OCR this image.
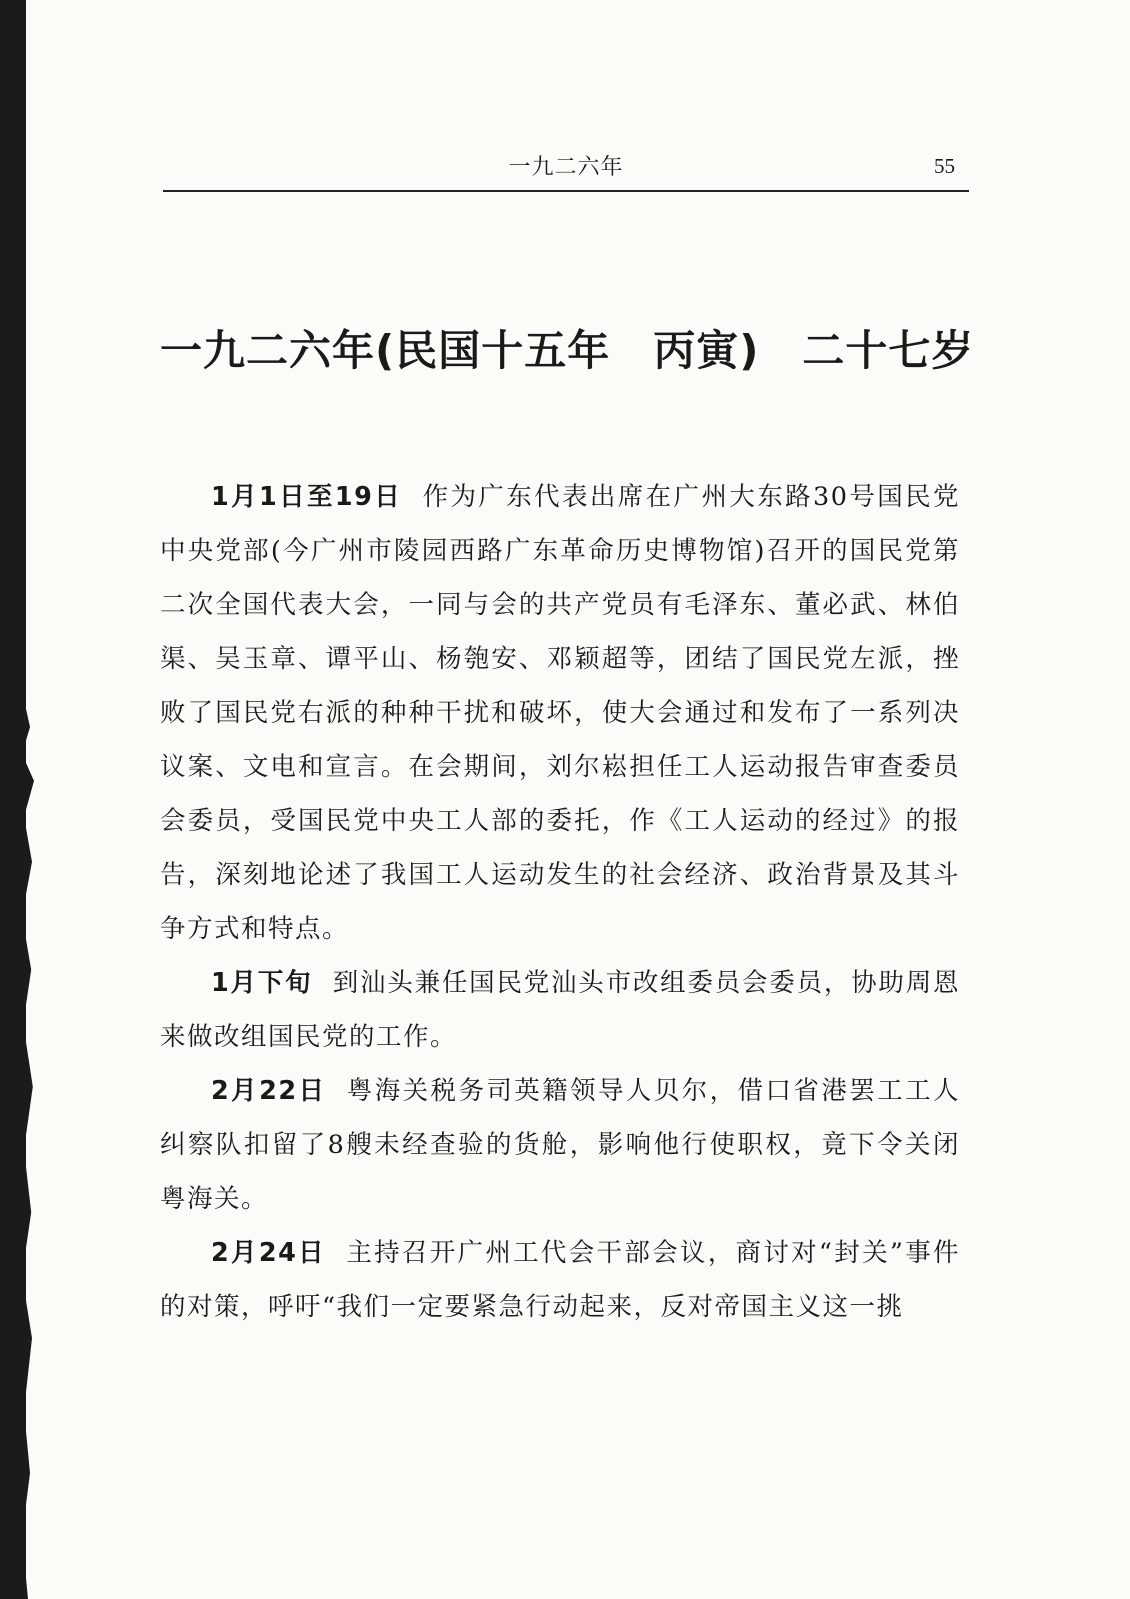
一九二六年	55
一九二六年(民国十五年　丙寅)　二十七岁

1月1日至19日 作为广东代表出席在广州大东路30号国民党中央党部(今广州市陵园西路广东革命历史博物馆)召开的国民党第二次全国代表大会，一同与会的共产党员有毛泽东、董必武、林伯渠、吴玉章、谭平山、杨匏安、邓颖超等，团结了国民党左派，挫败了国民党右派的种种干扰和破坏，使大会通过和发布了一系列决议案、文电和宣言。在会期间，刘尔崧担任工人运动报告审查委员会委员，受国民党中央工人部的委托，作《工人运动的经过》的报告，深刻地论述了我国工人运动发生的社会经济、政治背景及其斗争方式和特点。

1月下旬 到汕头兼任国民党汕头市改组委员会委员，协助周恩来做改组国民党的工作。

2月22日 粤海关税务司英籍领导人贝尔，借口省港罢工工人纠察队扣留了8艘未经查验的货舱，影响他行使职权，竟下令关闭粤海关。

2月24日 主持召开广州工代会干部会议，商讨对“封关”事件的对策，呼吁“我们一定要紧急行动起来，反对帝国主义这一挑
